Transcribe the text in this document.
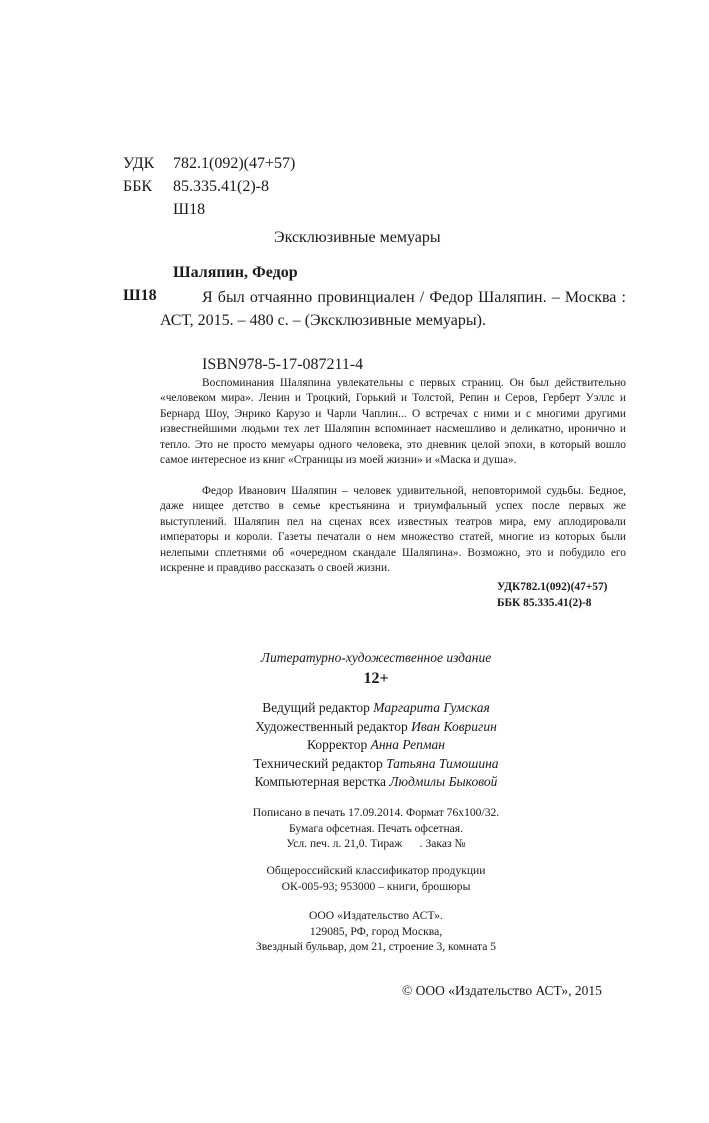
УДК 782.1(092)(47+57)
ББК 85.335.41(2)-8
Ш18
Эксклюзивные мемуары
Шаляпин, Федор
Ш18	Я был отчаянно провинциален / Федор Шаляпин. – Москва : АСТ, 2015. – 480 с. – (Эксклюзивные мемуары).
ISBN978-5-17-087211-4

Воспоминания Шаляпина увлекательны с первых страниц. Он был действительно «человеком мира». Ленин и Троцкий, Горький и Толстой, Репин и Серов, Герберт Уэллс и Бернард Шоу, Энрико Карузо и Чарли Чаплин... О встречах с ними и с многими другими известнейшими людьми тех лет Шаляпин вспоминает насмешливо и деликатно, иронично и тепло. Это не просто мемуары одного человека, это дневник целой эпохи, в который вошло самое интересное из книг «Страницы из моей жизни» и «Маска и душа».

Федор Иванович Шаляпин – человек удивительной, неповторимой судьбы. Бедное, даже нищее детство в семье крестьянина и триумфальный успех после первых же выступлений. Шаляпин пел на сценах всех известных театров мира, ему аплодировали императоры и короли. Газеты печатали о нем множество статей, многие из которых были нелепыми сплетнями об «очередном скандале Шаляпина». Возможно, это и побудило его искренне и правдиво рассказать о своей жизни.

УДК782.1(092)(47+57)
ББК 85.335.41(2)-8
Литературно-художественное издание
12+
Ведущий редактор Маргарита Гумская
Художественный редактор Иван Ковригин
Корректор Анна Репман
Технический редактор Татьяна Тимошина
Компьютерная верстка Людмилы Быковой
Пописано в печать 17.09.2014. Формат 76х100/32.
Бумага офсетная. Печать офсетная.
Усл. печ. л. 21,0. Тираж      . Заказ №
Общероссийский классификатор продукции
ОК-005-93; 953000 – книги, брошюры
ООО «Издательство АСТ».
129085, РФ, город Москва,
Звездный бульвар, дом 21, строение 3, комната 5
© ООО «Издательство АСТ», 2015
